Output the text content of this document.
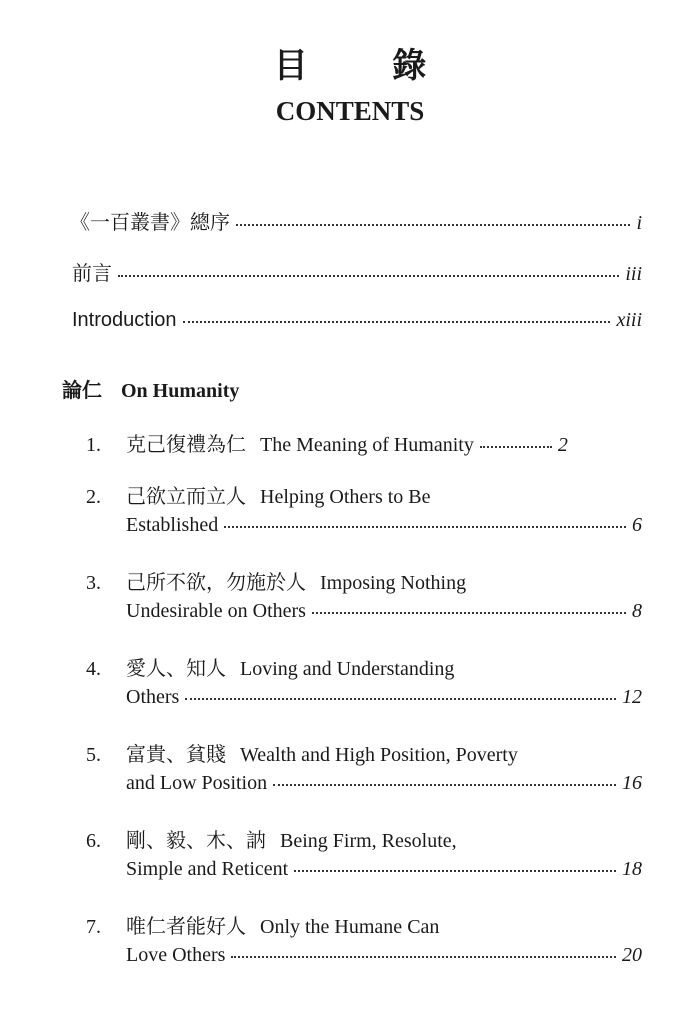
目 錄
CONTENTS
《一百叢書》總序	i
前言	iii
Introduction	xiii
論仁 On Humanity
1. 克己復禮為仁 The Meaning of Humanity	2
2. 己欲立而立人 Helping Others to Be
Established	6
3. 己所不欲，勿施於人 Imposing Nothing
Undesirable on Others	8
4. 愛人、知人 Loving and Understanding
Others	12
5. 富貴、貧賤 Wealth and High Position, Poverty
and Low Position	16
6. 剛、毅、木、訥 Being Firm, Resolute,
Simple and Reticent	18
7. 唯仁者能好人 Only the Humane Can
Love Others	20
